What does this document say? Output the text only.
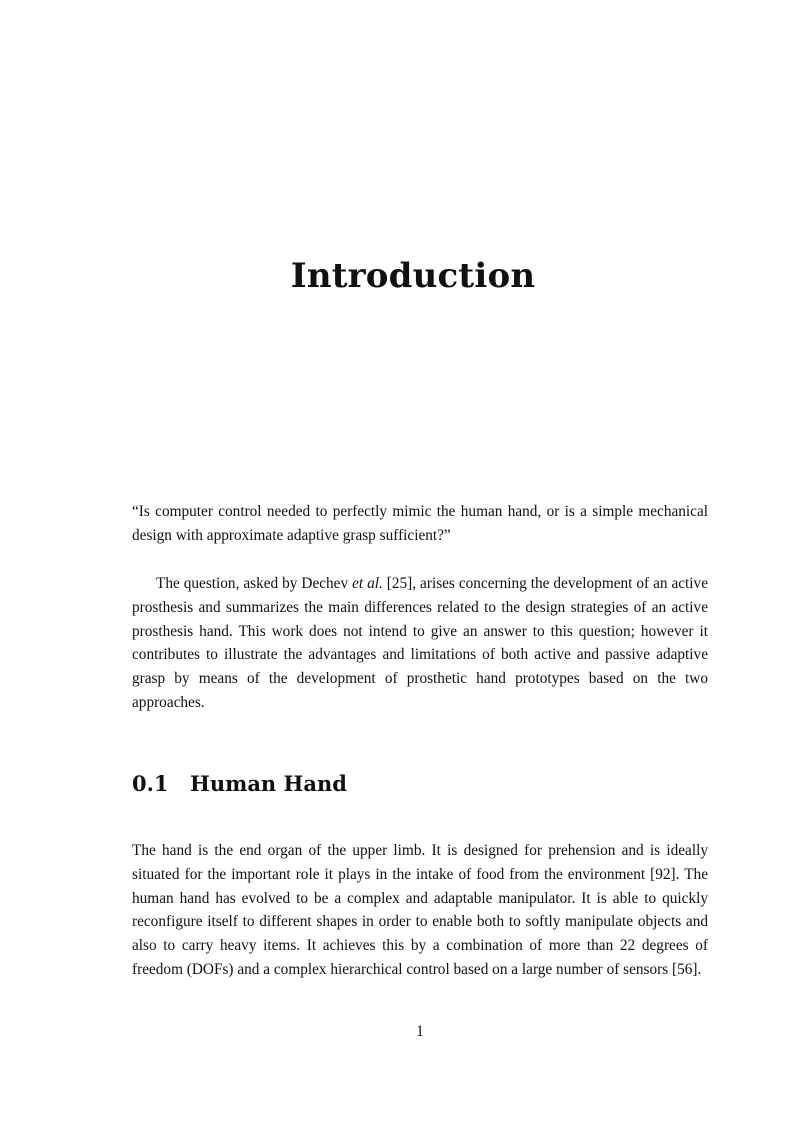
Introduction

“Is computer control needed to perfectly mimic the human hand, or is a simple mechanical design with approximate adaptive grasp sufficient?”

The question, asked by Dechev et al. [25], arises concerning the development of an active prosthesis and summarizes the main differences related to the design strategies of an active prosthesis hand. This work does not intend to give an answer to this question; however it contributes to illustrate the advantages and limitations of both active and passive adaptive grasp by means of the development of prosthetic hand prototypes based on the two approaches.

0.1 Human Hand

The hand is the end organ of the upper limb. It is designed for prehension and is ideally situated for the important role it plays in the intake of food from the environment [92]. The human hand has evolved to be a complex and adaptable manipulator. It is able to quickly reconfigure itself to different shapes in order to enable both to softly manipulate objects and also to carry heavy items. It achieves this by a combination of more than 22 degrees of freedom (DOFs) and a complex hierarchical control based on a large number of sensors [56].

1
